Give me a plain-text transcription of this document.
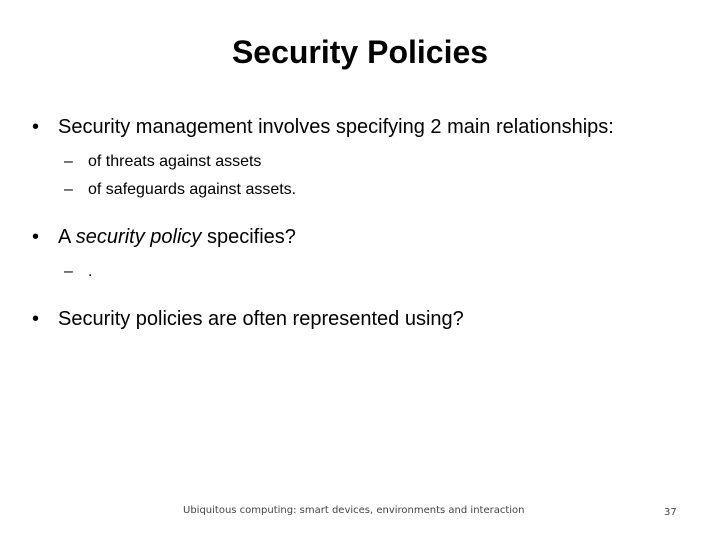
Security Policies
• Security management involves specifying 2 main relationships:
– of threats against assets
– of safeguards against assets.
• A security policy specifies?
– .
• Security policies are often represented using?
Ubiquitous computing: smart devices, environments and interaction	37
